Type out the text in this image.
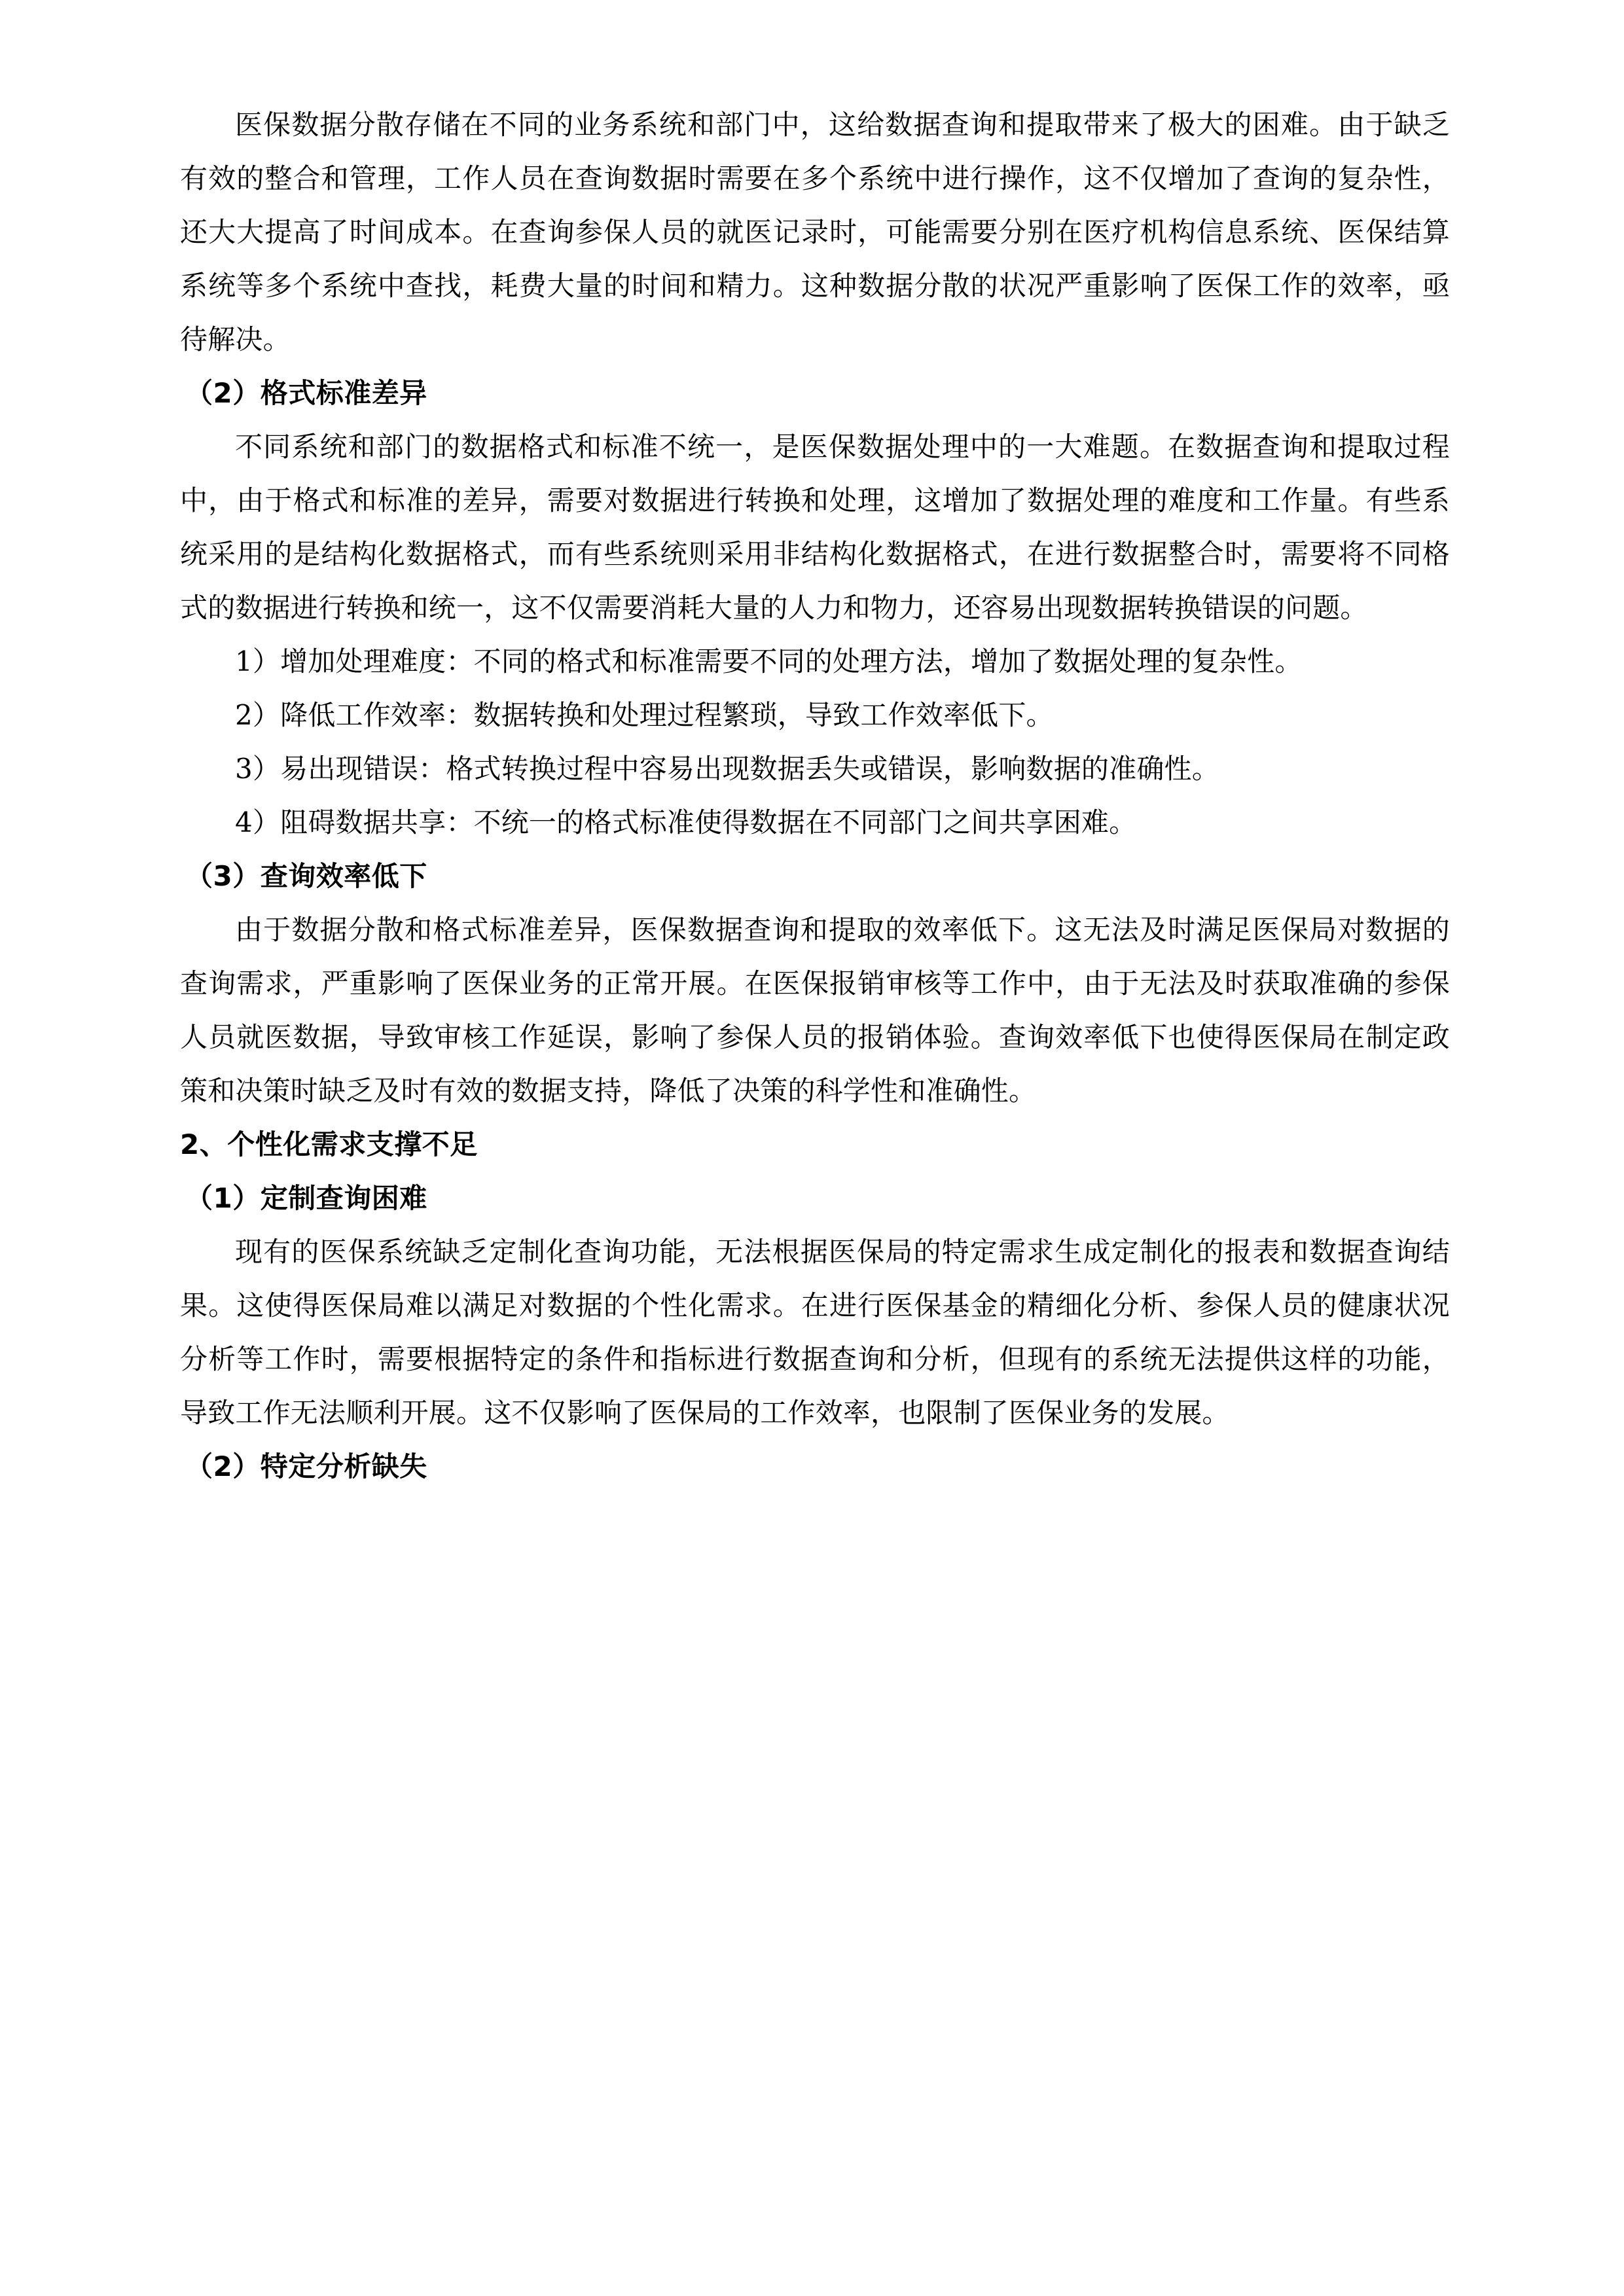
医保数据分散存储在不同的业务系统和部门中，这给数据查询和提取带来了极大的困难。由于缺乏有效的整合和管理，工作人员在查询数据时需要在多个系统中进行操作，这不仅增加了查询的复杂性，还大大提高了时间成本。在查询参保人员的就医记录时，可能需要分别在医疗机构信息系统、医保结算系统等多个系统中查找，耗费大量的时间和精力。这种数据分散的状况严重影响了医保工作的效率，亟待解决。

（2）格式标准差异

不同系统和部门的数据格式和标准不统一，是医保数据处理中的一大难题。在数据查询和提取过程中，由于格式和标准的差异，需要对数据进行转换和处理，这增加了数据处理的难度和工作量。有些系统采用的是结构化数据格式，而有些系统则采用非结构化数据格式，在进行数据整合时，需要将不同格式的数据进行转换和统一，这不仅需要消耗大量的人力和物力，还容易出现数据转换错误的问题。

1）增加处理难度：不同的格式和标准需要不同的处理方法，增加了数据处理的复杂性。

2）降低工作效率：数据转换和处理过程繁琐，导致工作效率低下。

3）易出现错误：格式转换过程中容易出现数据丢失或错误，影响数据的准确性。

4）阻碍数据共享：不统一的格式标准使得数据在不同部门之间共享困难。

（3）查询效率低下

由于数据分散和格式标准差异，医保数据查询和提取的效率低下。这无法及时满足医保局对数据的查询需求，严重影响了医保业务的正常开展。在医保报销审核等工作中，由于无法及时获取准确的参保人员就医数据，导致审核工作延误，影响了参保人员的报销体验。查询效率低下也使得医保局在制定政策和决策时缺乏及时有效的数据支持，降低了决策的科学性和准确性。

2、个性化需求支撑不足

（1）定制查询困难

现有的医保系统缺乏定制化查询功能，无法根据医保局的特定需求生成定制化的报表和数据查询结果。这使得医保局难以满足对数据的个性化需求。在进行医保基金的精细化分析、参保人员的健康状况分析等工作时，需要根据特定的条件和指标进行数据查询和分析，但现有的系统无法提供这样的功能，导致工作无法顺利开展。这不仅影响了医保局的工作效率，也限制了医保业务的发展。

（2）特定分析缺失
